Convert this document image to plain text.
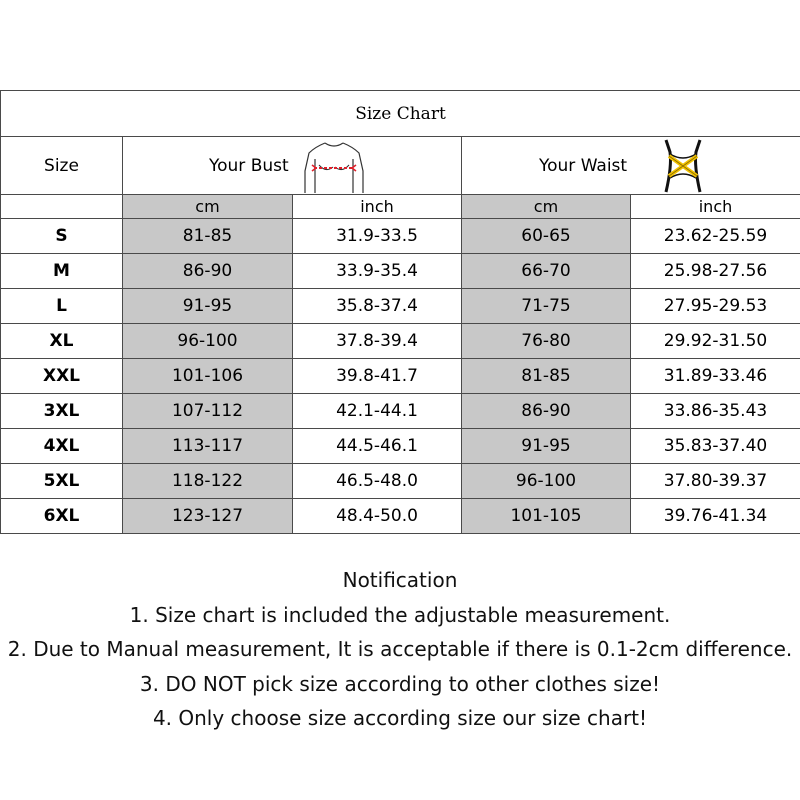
Size Chart				
Size	Your Bust		Your Waist	

	cm	inch	cm	inch
S	81-85	31.9-33.5	60-65	23.62-25.59
M	86-90	33.9-35.4	66-70	25.98-27.56
L	91-95	35.8-37.4	71-75	27.95-29.53
XL	96-100	37.8-39.4	76-80	29.92-31.50
XXL	101-106	39.8-41.7	81-85	31.89-33.46
3XL	107-112	42.1-44.1	86-90	33.86-35.43
4XL	113-117	44.5-46.1	91-95	35.83-37.40
5XL	118-122	46.5-48.0	96-100	37.80-39.37
6XL	123-127	48.4-50.0	101-105	39.76-41.34
Notification
1. Size chart is included the adjustable measurement.
2. Due to Manual measurement, It is acceptable if there is 0.1-2cm difference.
3. DO NOT pick size according to other clothes size!
4. Only choose size according size our size chart!
